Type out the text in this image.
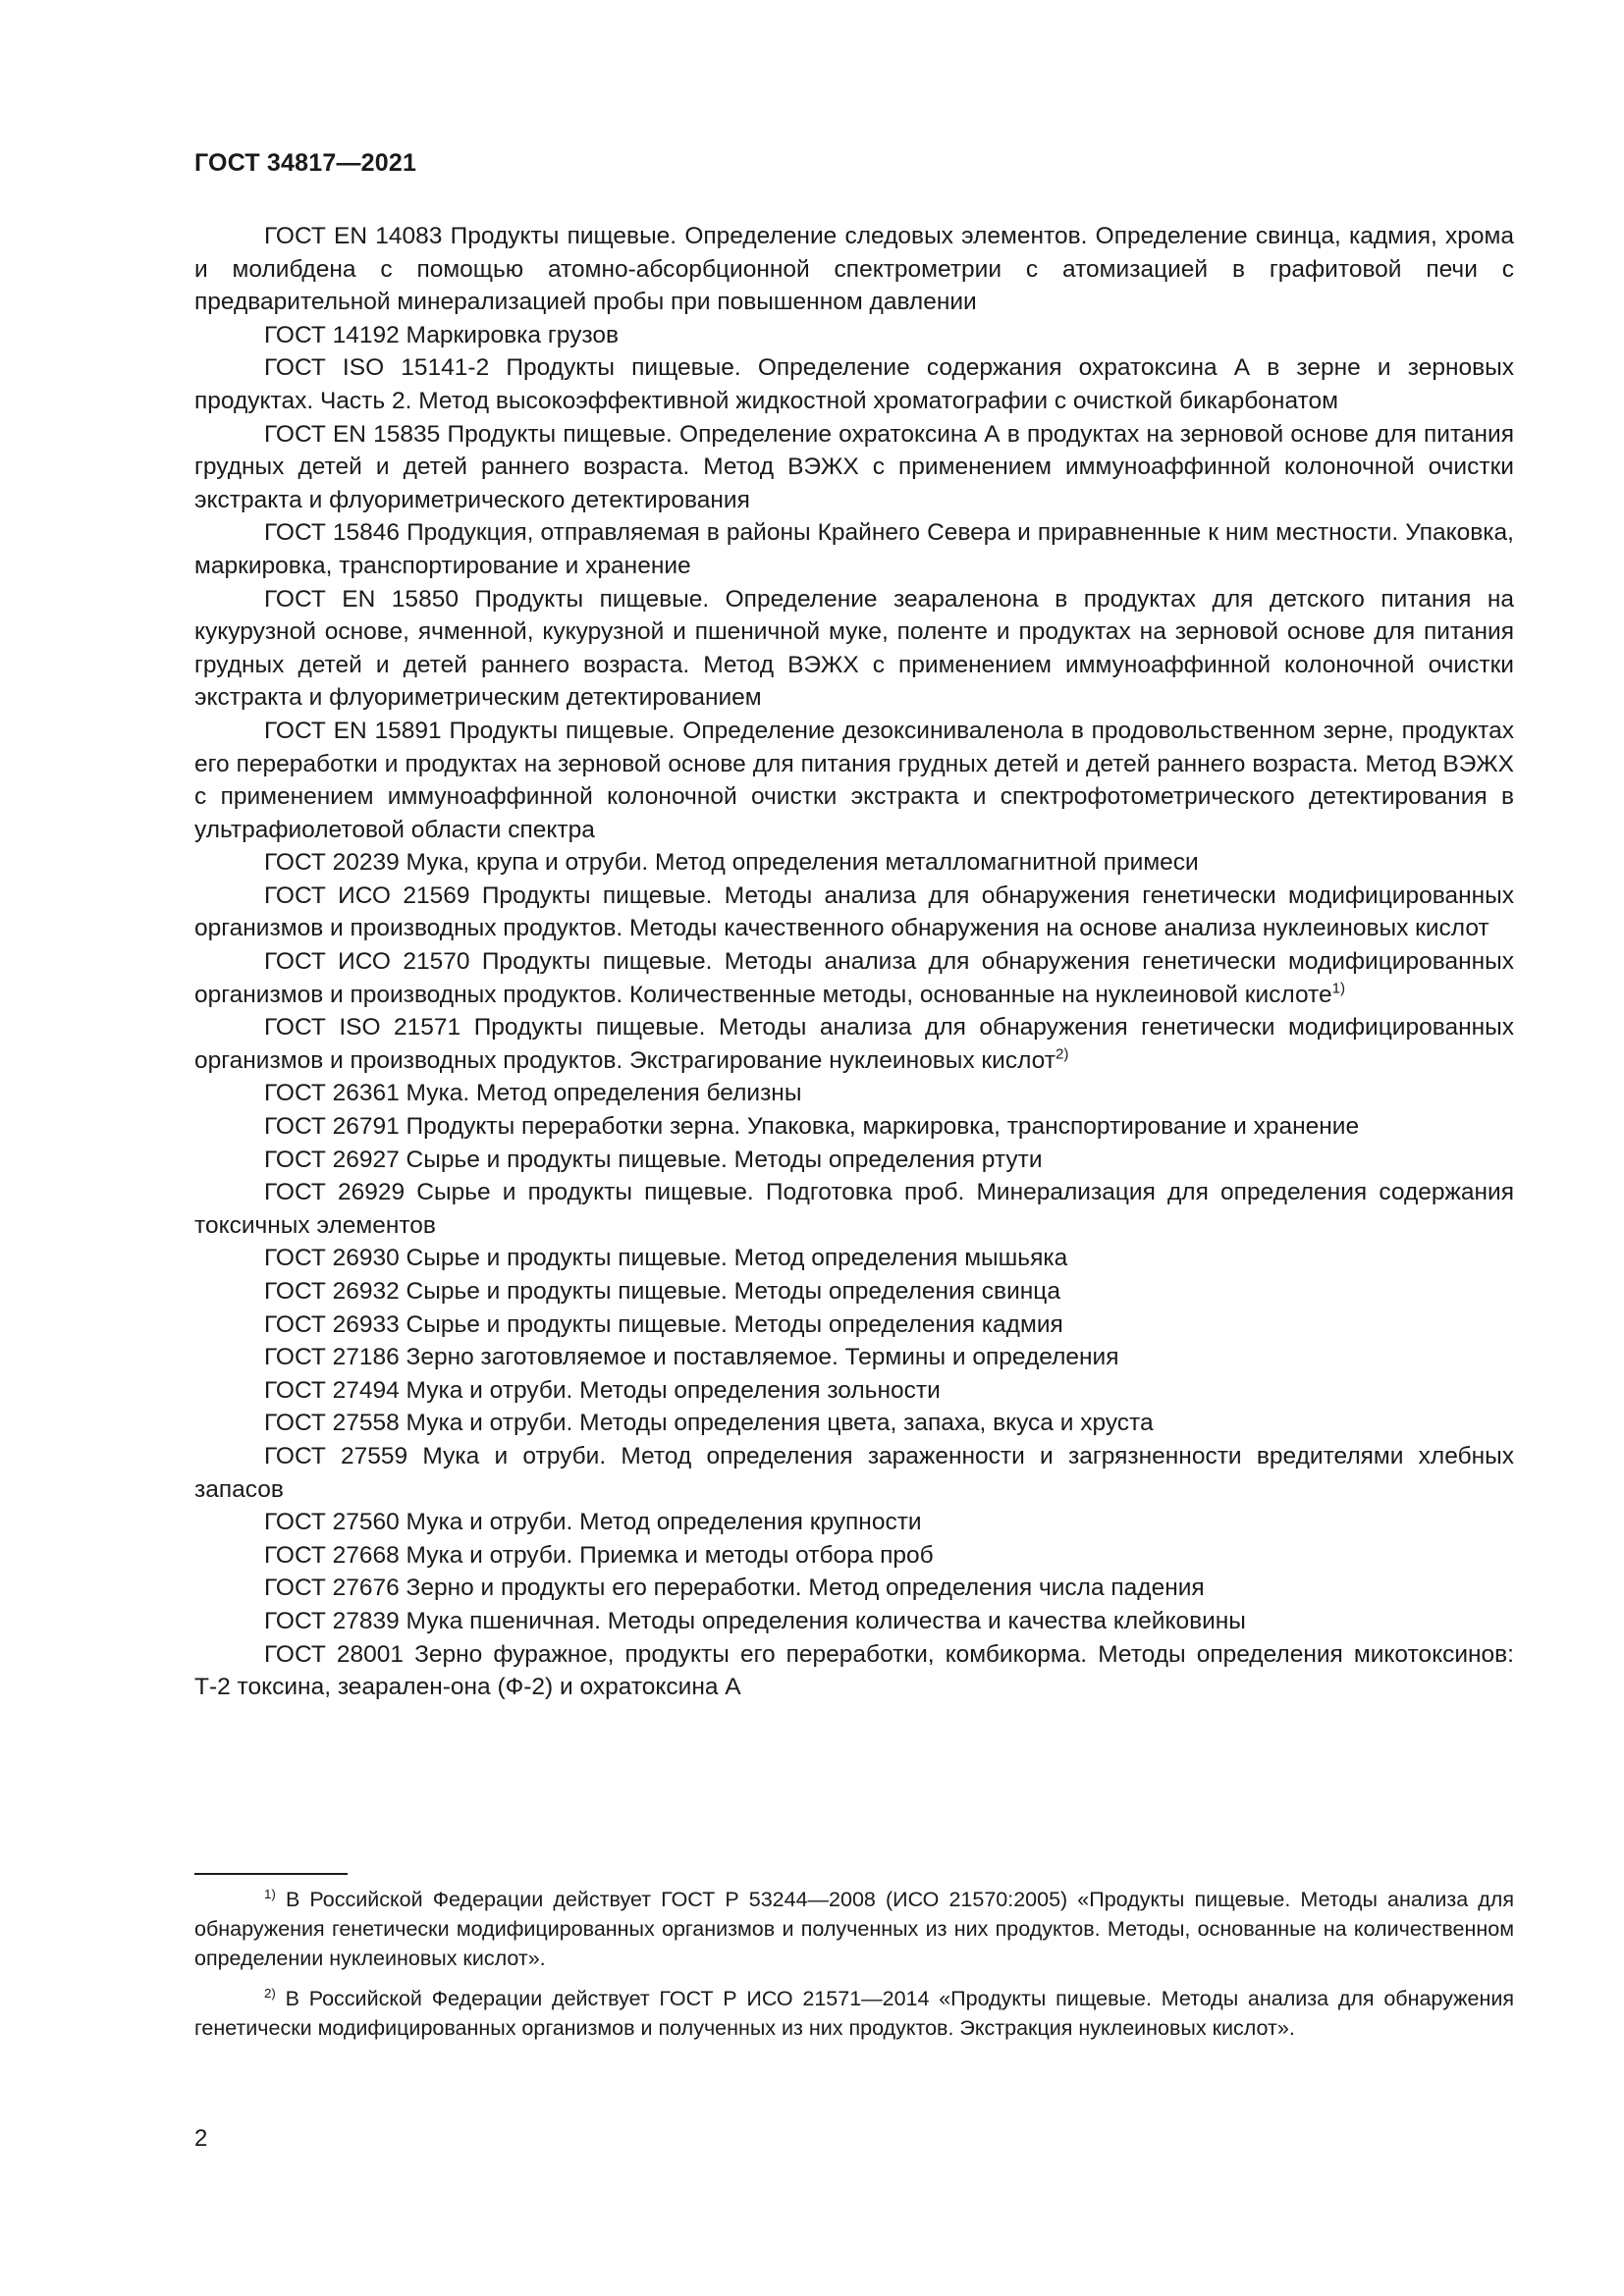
ГОСТ 34817—2021

ГОСТ EN 14083 Продукты пищевые. Определение следовых элементов. Определение свинца, кадмия, хрома и молибдена с помощью атомно-абсорбционной спектрометрии с атомизацией в графитовой печи с предварительной минерализацией пробы при повышенном давлении

ГОСТ 14192 Маркировка грузов

ГОСТ ISO 15141-2 Продукты пищевые. Определение содержания охратоксина А в зерне и зерновых продуктах. Часть 2. Метод высокоэффективной жидкостной хроматографии с очисткой бикарбонатом

ГОСТ EN 15835 Продукты пищевые. Определение охратоксина А в продуктах на зерновой основе для питания грудных детей и детей раннего возраста. Метод ВЭЖХ с применением иммуноаффинной колоночной очистки экстракта и флуориметрического детектирования

ГОСТ 15846 Продукция, отправляемая в районы Крайнего Севера и приравненные к ним местности. Упаковка, маркировка, транспортирование и хранение

ГОСТ EN 15850 Продукты пищевые. Определение зеараленона в продуктах для детского питания на кукурузной основе, ячменной, кукурузной и пшеничной муке, поленте и продуктах на зерновой основе для питания грудных детей и детей раннего возраста. Метод ВЭЖХ с применением иммуноаффинной колоночной очистки экстракта и флуориметрическим детектированием

ГОСТ EN 15891 Продукты пищевые. Определение дезоксиниваленола в продовольственном зерне, продуктах его переработки и продуктах на зерновой основе для питания грудных детей и детей раннего возраста. Метод ВЭЖХ с применением иммуноаффинной колоночной очистки экстракта и спектрофотометрического детектирования в ультрафиолетовой области спектра

ГОСТ 20239 Мука, крупа и отруби. Метод определения металломагнитной примеси

ГОСТ ИСО 21569 Продукты пищевые. Методы анализа для обнаружения генетически модифицированных организмов и производных продуктов. Методы качественного обнаружения на основе анализа нуклеиновых кислот

ГОСТ ИСО 21570 Продукты пищевые. Методы анализа для обнаружения генетически модифицированных организмов и производных продуктов. Количественные методы, основанные на нуклеиновой кислоте$^{1)}$

ГОСТ ISO 21571 Продукты пищевые. Методы анализа для обнаружения генетически модифицированных организмов и производных продуктов. Экстрагирование нуклеиновых кислот$^{2)}$

ГОСТ 26361 Мука. Метод определения белизны

ГОСТ 26791 Продукты переработки зерна. Упаковка, маркировка, транспортирование и хранение

ГОСТ 26927 Сырье и продукты пищевые. Методы определения ртути

ГОСТ 26929 Сырье и продукты пищевые. Подготовка проб. Минерализация для определения содержания токсичных элементов

ГОСТ 26930 Сырье и продукты пищевые. Метод определения мышьяка

ГОСТ 26932 Сырье и продукты пищевые. Методы определения свинца

ГОСТ 26933 Сырье и продукты пищевые. Методы определения кадмия

ГОСТ 27186 Зерно заготовляемое и поставляемое. Термины и определения

ГОСТ 27494 Мука и отруби. Методы определения зольности

ГОСТ 27558 Мука и отруби. Методы определения цвета, запаха, вкуса и хруста

ГОСТ 27559 Мука и отруби. Метод определения зараженности и загрязненности вредителями хлебных запасов

ГОСТ 27560 Мука и отруби. Метод определения крупности

ГОСТ 27668 Мука и отруби. Приемка и методы отбора проб

ГОСТ 27676 Зерно и продукты его переработки. Метод определения числа падения

ГОСТ 27839 Мука пшеничная. Методы определения количества и качества клейковины

ГОСТ 28001 Зерно фуражное, продукты его переработки, комбикорма. Методы определения микотоксинов: Т-2 токсина, зеарален-она (Ф-2) и охратоксина А

$^{1)}$ В Российской Федерации действует ГОСТ Р 53244—2008 (ИСО 21570:2005) «Продукты пищевые. Методы анализа для обнаружения генетически модифицированных организмов и полученных из них продуктов. Методы, основанные на количественном определении нуклеиновых кислот».

$^{2)}$ В Российской Федерации действует ГОСТ Р ИСО 21571—2014 «Продукты пищевые. Методы анализа для обнаружения генетически модифицированных организмов и полученных из них продуктов. Экстракция нуклеиновых кислот».

2
